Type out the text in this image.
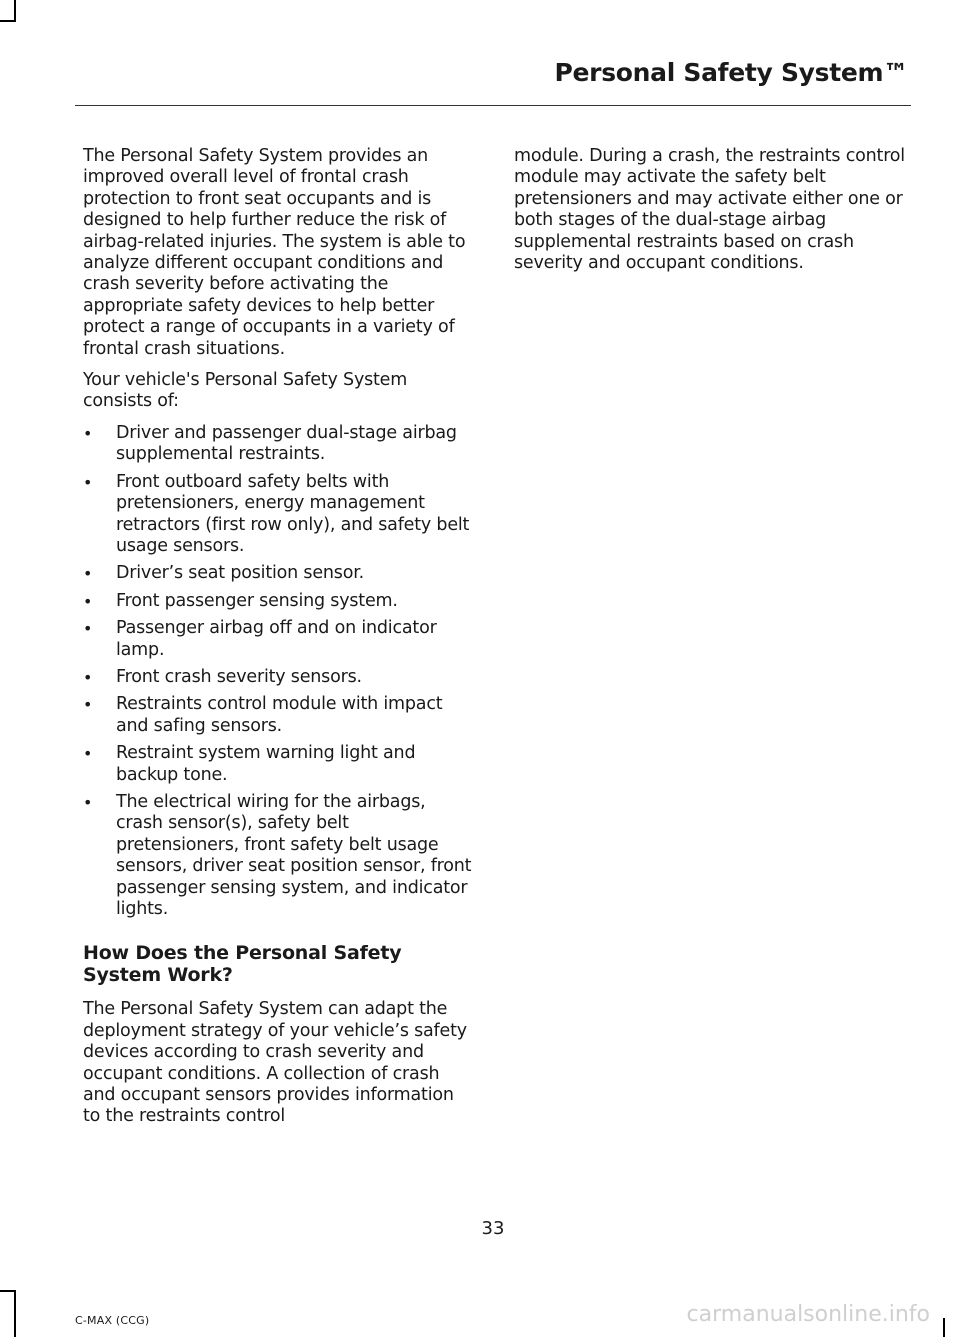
Personal Safety System™

The Personal Safety System provides an improved overall level of frontal crash protection to front seat occupants and is designed to help further reduce the risk of airbag-related injuries. The system is able to analyze different occupant conditions and crash severity before activating the appropriate safety devices to help better protect a range of occupants in a variety of frontal crash situations.

Your vehicle's Personal Safety System consists of:

• Driver and passenger dual-stage airbag supplemental restraints.
• Front outboard safety belts with pretensioners, energy management retractors (first row only), and safety belt usage sensors.
• Driver’s seat position sensor.
• Front passenger sensing system.
• Passenger airbag off and on indicator lamp.
• Front crash severity sensors.
• Restraints control module with impact and safing sensors.
• Restraint system warning light and backup tone.
• The electrical wiring for the airbags, crash sensor(s), safety belt pretensioners, front safety belt usage sensors, driver seat position sensor, front passenger sensing system, and indicator lights.
How Does the Personal Safety System Work?

The Personal Safety System can adapt the deployment strategy of your vehicle’s safety devices according to crash severity and occupant conditions. A collection of crash and occupant sensors provides information to the restraints control

module. During a crash, the restraints control module may activate the safety belt pretensioners and may activate either one or both stages of the dual-stage airbag supplemental restraints based on crash severity and occupant conditions.

33
C-MAX (CCG)	carmanualsonline.info
